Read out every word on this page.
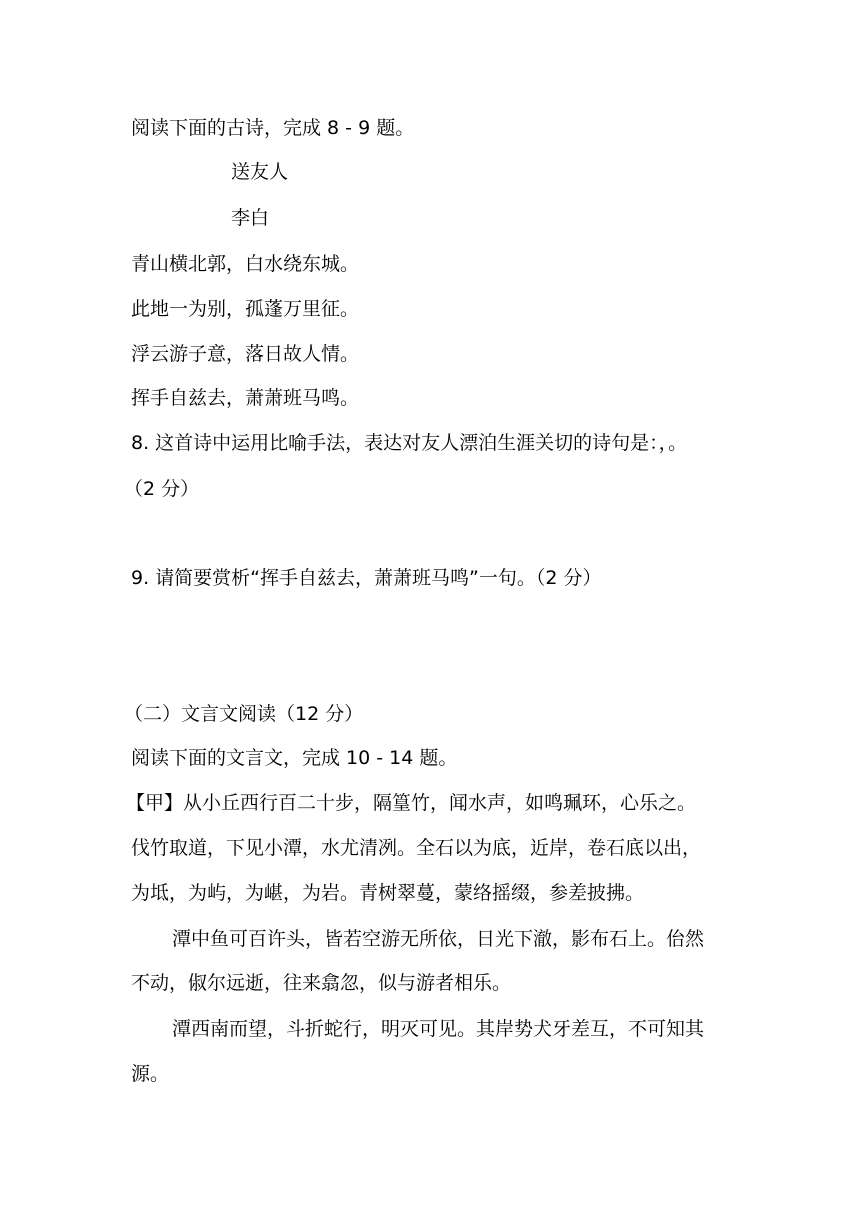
阅读下面的古诗，完成 8 - 9 题。

送友人

李白

青山横北郭，白水绕东城。

此地一为别，孤蓬万里征。

浮云游子意，落日故人情。

挥手自兹去，萧萧班马鸣。

8. 这首诗中运用比喻手法，表达对友人漂泊生涯关切的诗句是：，。

（2 分）

9. 请简要赏析“挥手自兹去，萧萧班马鸣”一句。（2 分）

（二）文言文阅读（12 分）

阅读下面的文言文，完成 10 - 14 题。

【甲】从小丘西行百二十步，隔篁竹，闻水声，如鸣珮环，心乐之。

伐竹取道，下见小潭，水尤清冽。全石以为底，近岸，卷石底以出，

为坻，为屿，为嵁，为岩。青树翠蔓，蒙络摇缀，参差披拂。

潭中鱼可百许头，皆若空游无所依，日光下澈，影布石上。佁然

不动，俶尔远逝，往来翕忽，似与游者相乐。

潭西南而望，斗折蛇行，明灭可见。其岸势犬牙差互，不可知其

源。
